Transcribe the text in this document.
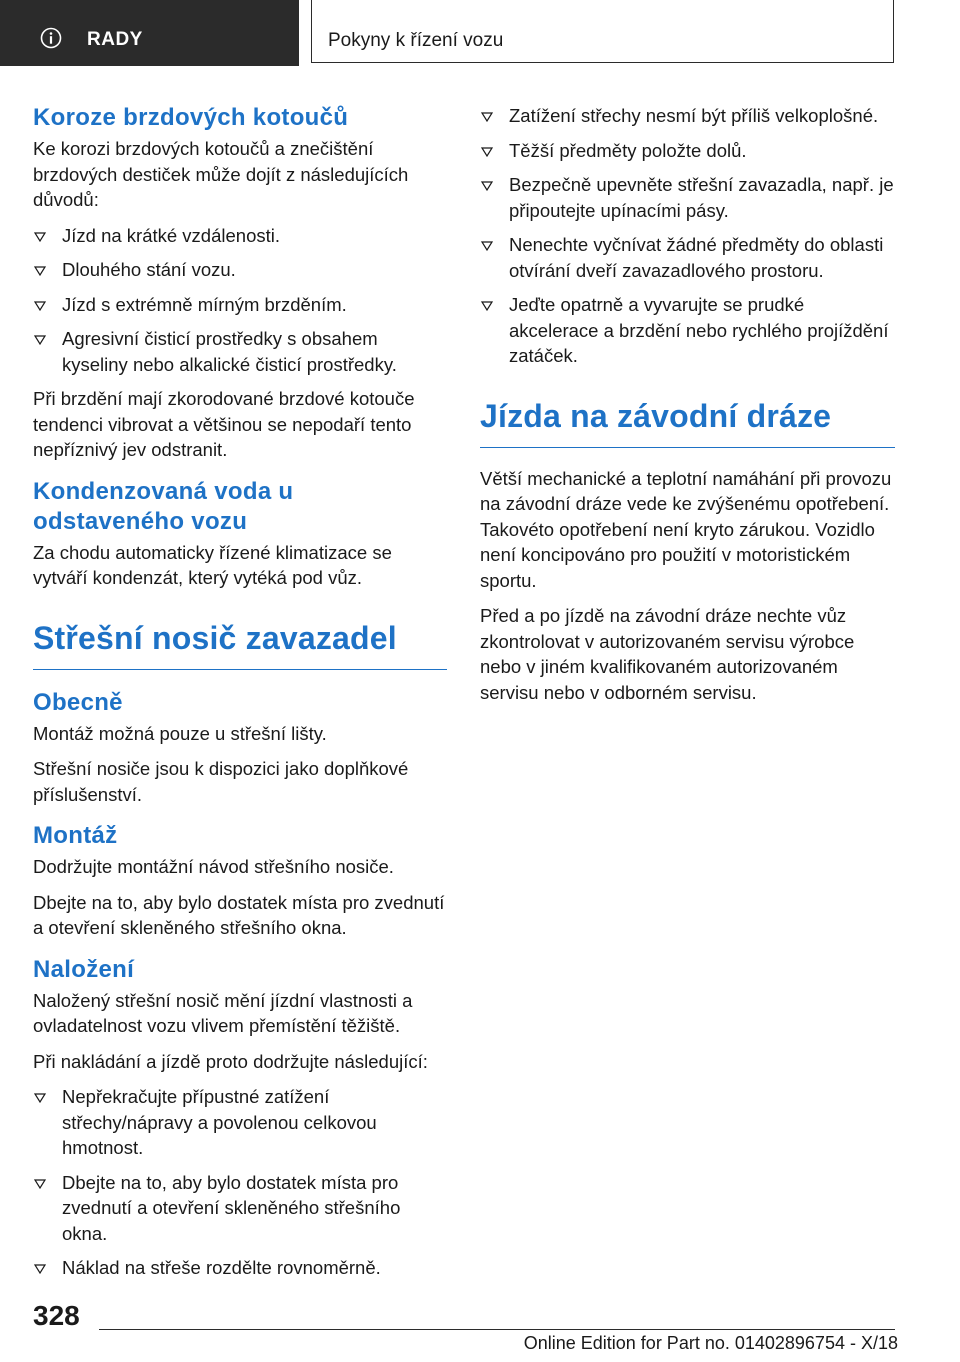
RADY	Pokyny k řízení vozu
Koroze brzdových kotoučů

Ke korozi brzdových kotoučů a znečištění brzdových destiček může dojít z následujících důvodů:

Jízd na krátké vzdálenosti.
Dlouhého stání vozu.
Jízd s extrémně mírným brzděním.
Agresivní čisticí prostředky s obsahem kyseliny nebo alkalické čisticí prostředky.

Při brzdění mají zkorodované brzdové kotouče tendenci vibrovat a většinou se nepodaří tento nepříznivý jev odstranit.

Kondenzovaná voda u odstaveného vozu

Za chodu automaticky řízené klimatizace se vytváří kondenzát, který vytéká pod vůz.

Střešní nosič zavazadel
Obecně

Montáž možná pouze u střešní lišty.

Střešní nosiče jsou k dispozici jako doplňkové příslušenství.

Montáž

Dodržujte montážní návod střešního nosiče.

Dbejte na to, aby bylo dostatek místa pro zvednutí a otevření skleněného střešního okna.

Naložení

Naložený střešní nosič mění jízdní vlastnosti a ovladatelnost vozu vlivem přemístění těžiště.

Při nakládání a jízdě proto dodržujte následující:

Nepřekračujte přípustné zatížení střechy/nápravy a povolenou celkovou hmotnost.
Dbejte na to, aby bylo dostatek místa pro zvednutí a otevření skleněného střešního okna.
Náklad na střeše rozdělte rovnoměrně.
Zatížení střechy nesmí být příliš velkoplošné.
Těžší předměty položte dolů.
Bezpečně upevněte střešní zavazadla, např. je připoutejte upínacími pásy.
Nenechte vyčnívat žádné předměty do oblasti otvírání dveří zavazadlového prostoru.
Jeďte opatrně a vyvarujte se prudké akcelerace a brzdění nebo rychlého projíždění zatáček.
Jízda na závodní dráze

Větší mechanické a teplotní namáhání při provozu na závodní dráze vede ke zvýšenému opotřebení. Takovéto opotřebení není kryto zárukou. Vozidlo není koncipováno pro použití v motoristickém sportu.

Před a po jízdě na závodní dráze nechte vůz zkontrolovat v autorizovaném servisu výrobce nebo v jiném kvalifikovaném autorizovaném servisu nebo v odborném servisu.

328
Online Edition for Part no. 01402896754 - X/18
